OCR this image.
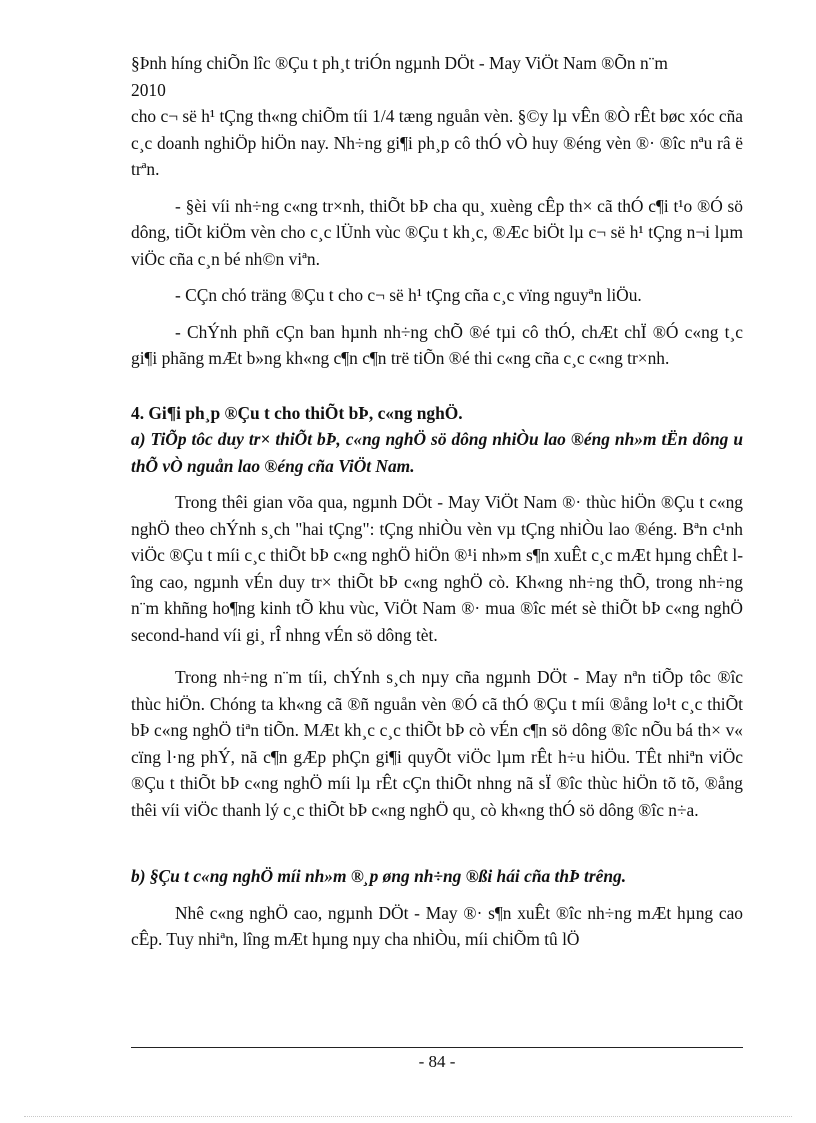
§Þnh híng chiÕn lîc ®Çu t ph¸t triÓn ngµnh DÖt - May ViÖt Nam ®Õn n¨m
2010

cho c¬ së h¹ tÇng th«ng chiÕm tíi 1/4 tæng nguån vèn. §©y lµ vÊn ®Ò rÊt bøc xóc cña c¸c doanh nghiÖp hiÖn nay. Nh÷ng gi¶i ph¸p cô thÓ vÒ huy ®éng vèn ®· ®îc nªu râ ë trªn.

- §èi víi nh÷ng c«ng tr×nh, thiÕt bÞ cha qu¸ xuèng cÊp th× cã thÓ c¶i t¹o ®Ó sö dông, tiÕt kiÖm vèn cho c¸c lÜnh vùc ®Çu t kh¸c, ®Æc biÖt lµ c¬ së h¹ tÇng n¬i lµm viÖc cña c¸n bé nh©n viªn.

- CÇn chó träng ®Çu t cho c¬ së h¹ tÇng cña c¸c vïng nguyªn liÖu.

- ChÝnh phñ cÇn ban hµnh nh÷ng chÕ ®é tµi cô thÓ, chÆt chÏ ®Ó c«ng t¸c gi¶i phãng mÆt b»ng kh«ng c¶n c¶n trë tiÕn ®é thi c«ng cña c¸c c«ng tr×nh.

4. Gi¶i ph¸p ®Çu t cho thiÕt bÞ, c«ng nghÖ.

a) TiÕp tôc duy tr× thiÕt bÞ, c«ng nghÖ sö dông nhiÒu lao ®éng nh»m tËn dông u thÕ vÒ nguån lao ®éng cña ViÖt Nam.

Trong thêi gian võa qua, ngµnh DÖt - May ViÖt Nam ®· thùc hiÖn ®Çu t c«ng nghÖ theo chÝnh s¸ch "hai tÇng": tÇng nhiÒu vèn vµ tÇng nhiÒu lao ®éng. Bªn c¹nh viÖc ®Çu t míi c¸c thiÕt bÞ c«ng nghÖ hiÖn ®¹i nh»m s¶n xuÊt c¸c mÆt hµng chÊt lîng cao, ngµnh vÉn duy tr× thiÕt bÞ c«ng nghÖ cò. Kh«ng nh÷ng thÕ, trong nh÷ng n¨m khñng ho¶ng kinh tÕ khu vùc, ViÖt Nam ®· mua ®îc mét sè thiÕt bÞ c«ng nghÖ second-hand víi gi¸ rÎ nhng vÉn sö dông tèt.

Trong nh÷ng n¨m tíi, chÝnh s¸ch nµy cña ngµnh DÖt - May nªn tiÕp tôc ®îc thùc hiÖn. Chóng ta kh«ng cã ®ñ nguån vèn ®Ó cã thÓ ®Çu t míi ®ång lo¹t c¸c thiÕt bÞ c«ng nghÖ tiªn tiÕn. MÆt kh¸c c¸c thiÕt bÞ cò vÉn c¶n sö dông ®îc nÕu bá th× v« cïng l·ng phÝ, nã c¶n gÆp phÇn gi¶i quyÕt viÖc lµm rÊt h÷u hiÖu. TÊt nhiªn viÖc ®Çu t thiÕt bÞ c«ng nghÖ míi lµ rÊt cÇn thiÕt nhng nã sÏ ®îc thùc hiÖn tõ tõ, ®ång thêi víi viÖc thanh lý c¸c thiÕt bÞ c«ng nghÖ qu¸ cò kh«ng thÓ sö dông ®îc n÷a.

b) §Çu t c«ng nghÖ míi nh»m ®¸p øng nh÷ng ®ßi hái cña thÞ trêng.

Nhê c«ng nghÖ cao, ngµnh DÖt - May ®· s¶n xuÊt ®îc nh÷ng mÆt hµng cao cÊp. Tuy nhiªn, lîng mÆt hµng nµy cha nhiÒu, míi chiÕm tû lÖ

- 84 -
